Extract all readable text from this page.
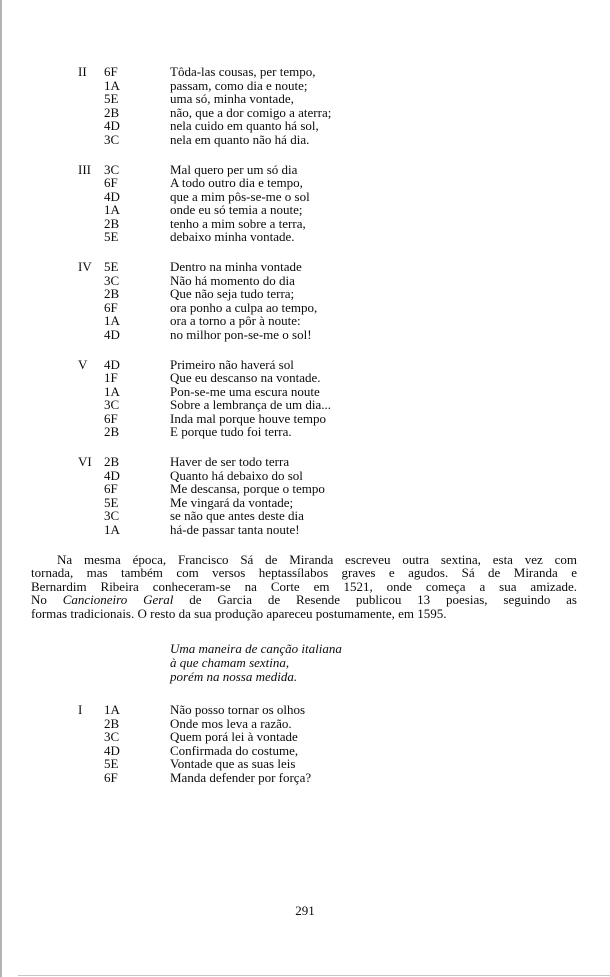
II 6F	Tôda-las cousas, per tempo,
1A	passam, como dia e noute;
5E	uma só, minha vontade,
2B	não, que a dor comigo a aterra;
4D	nela cuido em quanto há sol,
3C	nela em quanto não há dia.
III 3C	Mal quero per um só dia
6F	A todo outro dia e tempo,
4D	que a mim pôs-se-me o sol
1A	onde eu só temia a noute;
2B	tenho a mim sobre a terra,
5E	debaixo minha vontade.
IV 5E	Dentro na minha vontade
3C	Não há momento do dia
2B	Que não seja tudo terra;
6F	ora ponho a culpa ao tempo,
1A	ora a torno a pôr à noute:
4D	no milhor pon-se-me o sol!
V 4D	Primeiro não haverá sol
1F	Que eu descanso na vontade.
1A	Pon-se-me uma escura noute
3C	Sobre a lembrança de um dia...
6F	Inda mal porque houve tempo
2B	E porque tudo foi terra.
VI 2B	Haver de ser todo terra
4D	Quanto há debaixo do sol
6F	Me descansa, porque o tempo
5E	Me vingará da vontade;
3C	se não que antes deste dia
1A	há-de passar tanta noute!
Na mesma época, Francisco Sá de Miranda escreveu outra sextina, esta vez com
tornada, mas também com versos heptassílabos graves e agudos. Sá de Miranda e
Bernardim Ribeira conheceram-se na Corte em 1521, onde começa a sua amizade.
No Cancioneiro Geral de Garcia de Resende publicou 13 poesias, seguindo as
formas tradicionais. O resto da sua produção apareceu postumamente, em 1595.
Uma maneira de canção italiana
à que chamam sextina,
porém na nossa medida.
I 1A	Não posso tornar os olhos
2B	Onde mos leva a razão.
3C	Quem porá lei à vontade
4D	Confirmada do costume,
5E	Vontade que as suas leis
6F	Manda defender por força?
291
